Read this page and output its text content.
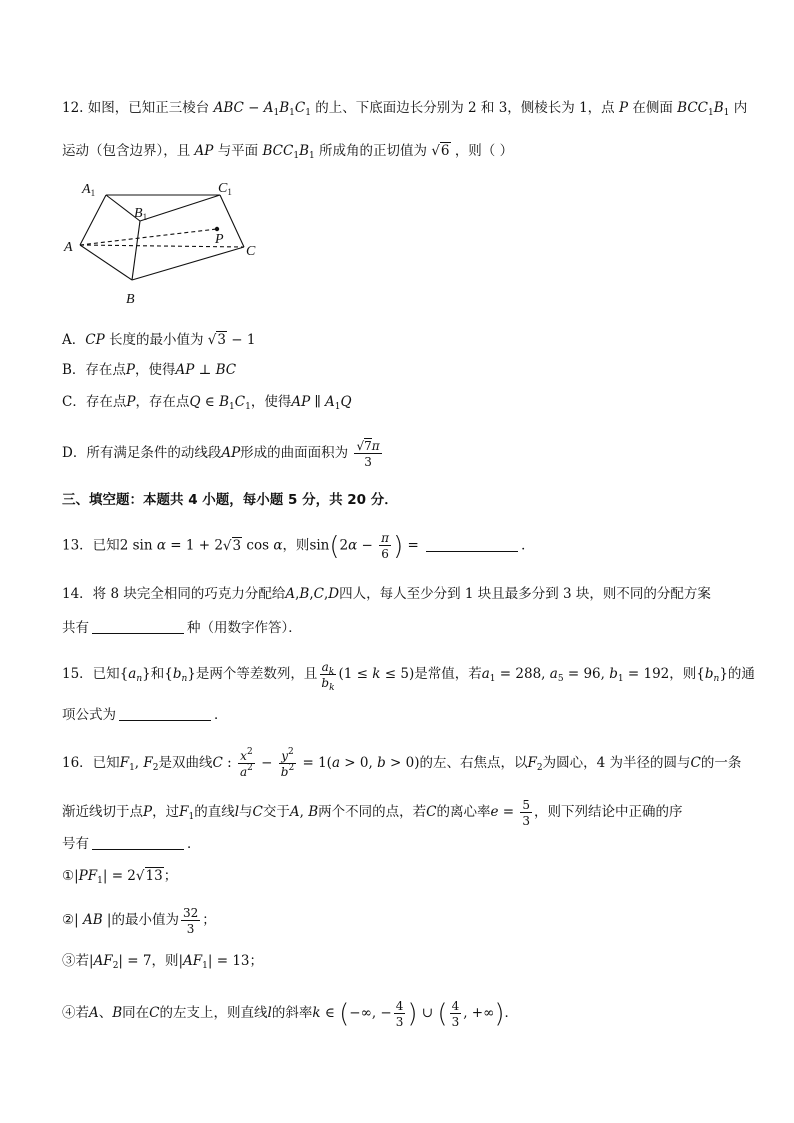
12. 如图，已知正三棱台 ABC − $A_1B_1C_1$ 的上、下底面边长分别为 2 和 3，侧棱长为 1，点 P 在侧面 $BCC_1B_1$ 内
运动（包含边界），且 AP 与平面 $BCC_1B_1$ 所成角的正切值为 √6 ，则（ ）
$A_1$
$B_1$
$C_1$
A
B
C
P
A．CP 长度的最小值为 √3 − 1
B．存在点P，使得AP ⊥ BC
C．存在点P，存在点Q ∈ $B_1C_1$，使得AP ∥ $A_1Q$
D．所有满足条件的动线段AP形成的曲面面积为 $\frac{√7\pi}{3}$
三、填空题：本题共 4 小题，每小题 5 分，共 20 分．
13．已知2 sin α = 1 + 2√3 cos α，则$\sin(2\alpha - \frac{\pi}{6}$ ) =	．
14．将 8 块完全相同的巧克力分配给A,B,C,D四人，每人至少分到 1 块且最多分到 3 块，则不同的分配方案
共有	种（用数字作答）．
15．已知$\{a_n\}$和$\{b_n\}$是两个等差数列，且 $\frac{a_k}{b_k} (1 \le k \le 5)$是常值，若$a_1 = 288$, $a_5 = 96$, $b_1 = 192$，则$\{b_n\}$的通
项公式为	．
16．已知$F_1$, $F_2$是双曲线C : $\frac{x^2}{a^2} - \frac{y^2}{b^2} = 1(a > 0$, b > 0)的左、右焦点，以$F_2$为圆心，4 为半径的圆与C的一条
渐近线切于点P，过$F_1$的直线l与C交于A, B两个不同的点，若C的离心率$e = \frac{5}{3}$ ，则下列结论中正确的序
号有	．
$①|PF_1| = 2√13$；
②| AB |的最小值为 $\frac{32}{3}$ ；
③若$|AF_2| = 7$，则$|AF_1| = 13$；
④若A、B同在C的左支上，则直线l的斜率k ∈ (−∞, − $\frac{4}{3}$ ) ∪ ( $\frac{4}{3}$ , +∞)．
